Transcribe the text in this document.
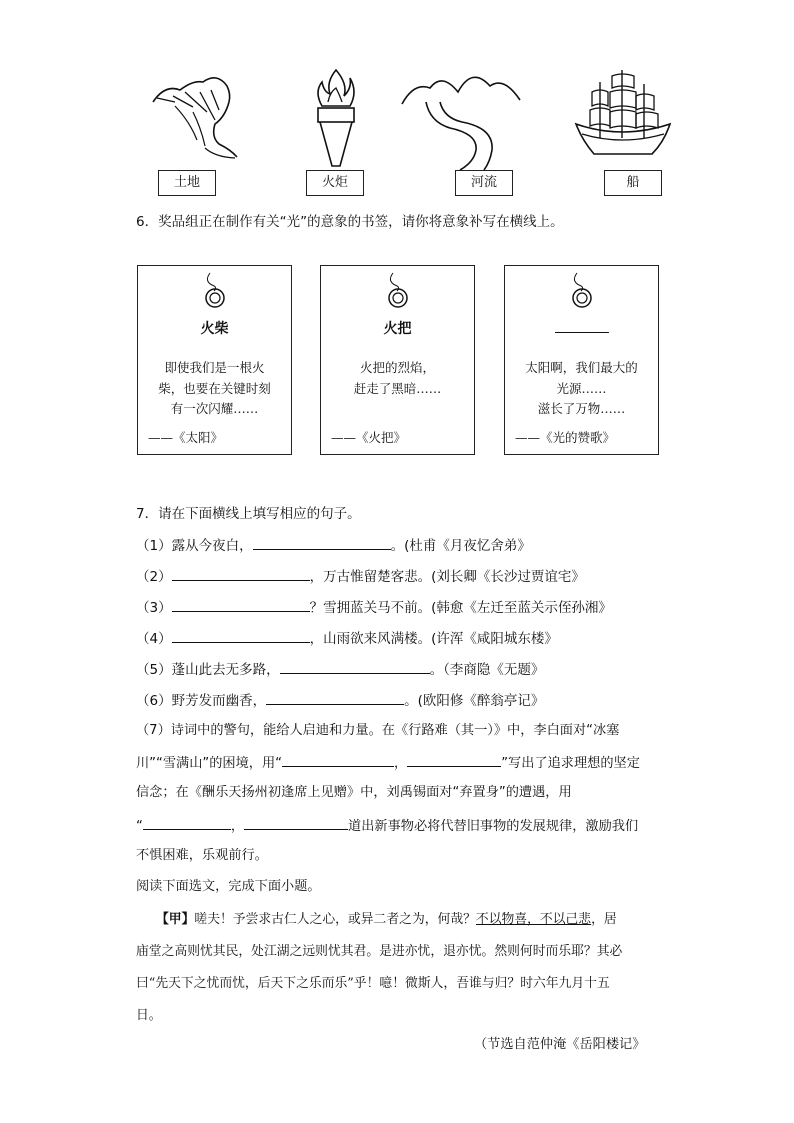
土地	火炬	河流	船
6．奖品组正在制作有关“光”的意象的书签，请你将意象补写在横线上。
火柴
即使我们是一根火
柴，也要在关键时刻
有一次闪耀……
——《太阳》
火把
火把的烈焰，
赶走了黑暗……
——《火把》
太阳啊，我们最大的
光源……
滋长了万物……
——《光的赞歌》
7．请在下面横线上填写相应的句子。
（1）露从今夜白，	。(杜甫《月夜忆舍弟》
（2）	，万古惟留楚客悲。(刘长卿《长沙过贾谊宅》
（3）	？雪拥蓝关马不前。(韩愈《左迁至蓝关示侄孙湘》
（4）	，山雨欲来风满楼。(许浑《咸阳城东楼》
（5）蓬山此去无多路，	。（李商隐《无题》
（6）野芳发而幽香，	。(欧阳修《醉翁亭记》
（7）诗词中的警句，能给人启迪和力量。在《行路难（其一）》中，李白面对“冰塞
川”“雪满山”的困境，用“	，	”写出了追求理想的坚定
信念；在《酬乐天扬州初逢席上见赠》中，刘禹锡面对“弃置身”的遭遇，用
“	，	道出新事物必将代替旧事物的发展规律，激励我们
不惧困难，乐观前行。
阅读下面选文，完成下面小题。
【甲】嗟夫！予尝求古仁人之心，或异二者之为，何哉？不以物喜，不以己悲，居
庙堂之高则忧其民，处江湖之远则忧其君。是进亦忧，退亦忧。然则何时而乐耶？其必
曰“先天下之忧而忧，后天下之乐而乐”乎！噫！微斯人，吾谁与归？时六年九月十五
日。
（节选自范仲淹《岳阳楼记》
